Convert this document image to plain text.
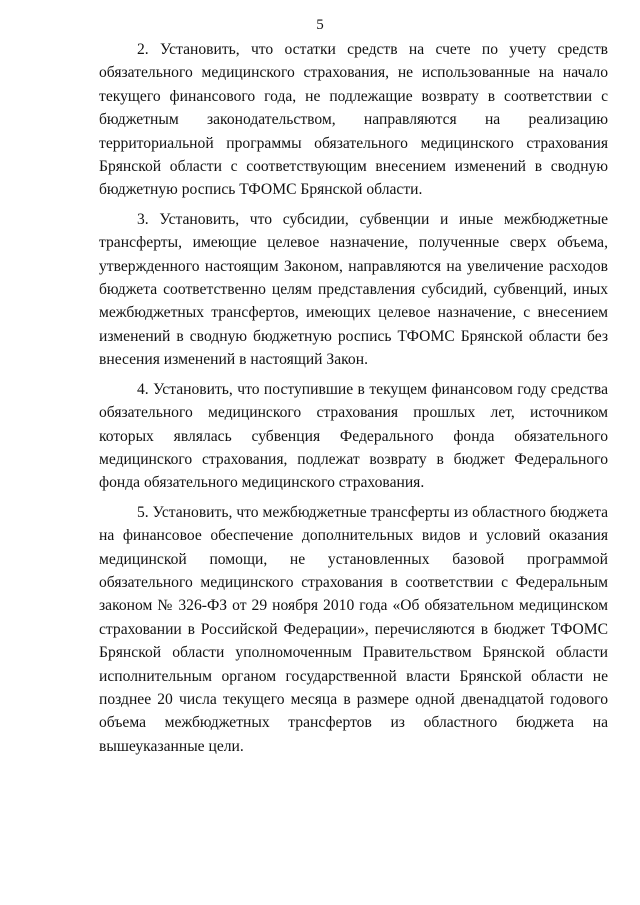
5

2. Установить, что остатки средств на счете по учету средств обязательного медицинского страхования, не использованные на начало текущего финансового года, не подлежащие возврату в соответствии с бюджетным законодательством, направляются на реализацию территориальной программы обязательного медицинского страхования Брянской области с соответствующим внесением изменений в сводную бюджетную роспись ТФОМС Брянской области.

3. Установить, что субсидии, субвенции и иные межбюджетные трансферты, имеющие целевое назначение, полученные сверх объема, утвержденного настоящим Законом, направляются на увеличение расходов бюджета соответственно целям представления субсидий, субвенций, иных межбюджетных трансфертов, имеющих целевое назначение, с внесением изменений в сводную бюджетную роспись ТФОМС Брянской области без внесения изменений в настоящий Закон.

4. Установить, что поступившие в текущем финансовом году средства обязательного медицинского страхования прошлых лет, источником которых являлась субвенция Федерального фонда обязательного медицинского страхования, подлежат возврату в бюджет Федерального фонда обязательного медицинского страхования.

5. Установить, что межбюджетные трансферты из областного бюджета на финансовое обеспечение дополнительных видов и условий оказания медицинской помощи, не установленных базовой программой обязательного медицинского страхования в соответствии с Федеральным законом № 326-ФЗ от 29 ноября 2010 года «Об обязательном медицинском страховании в Российской Федерации», перечисляются в бюджет ТФОМС Брянской области уполномоченным Правительством Брянской области исполнительным органом государственной власти Брянской области не позднее 20 числа текущего месяца в размере одной двенадцатой годового объема межбюджетных трансфертов из областного бюджета на вышеуказанные цели.
